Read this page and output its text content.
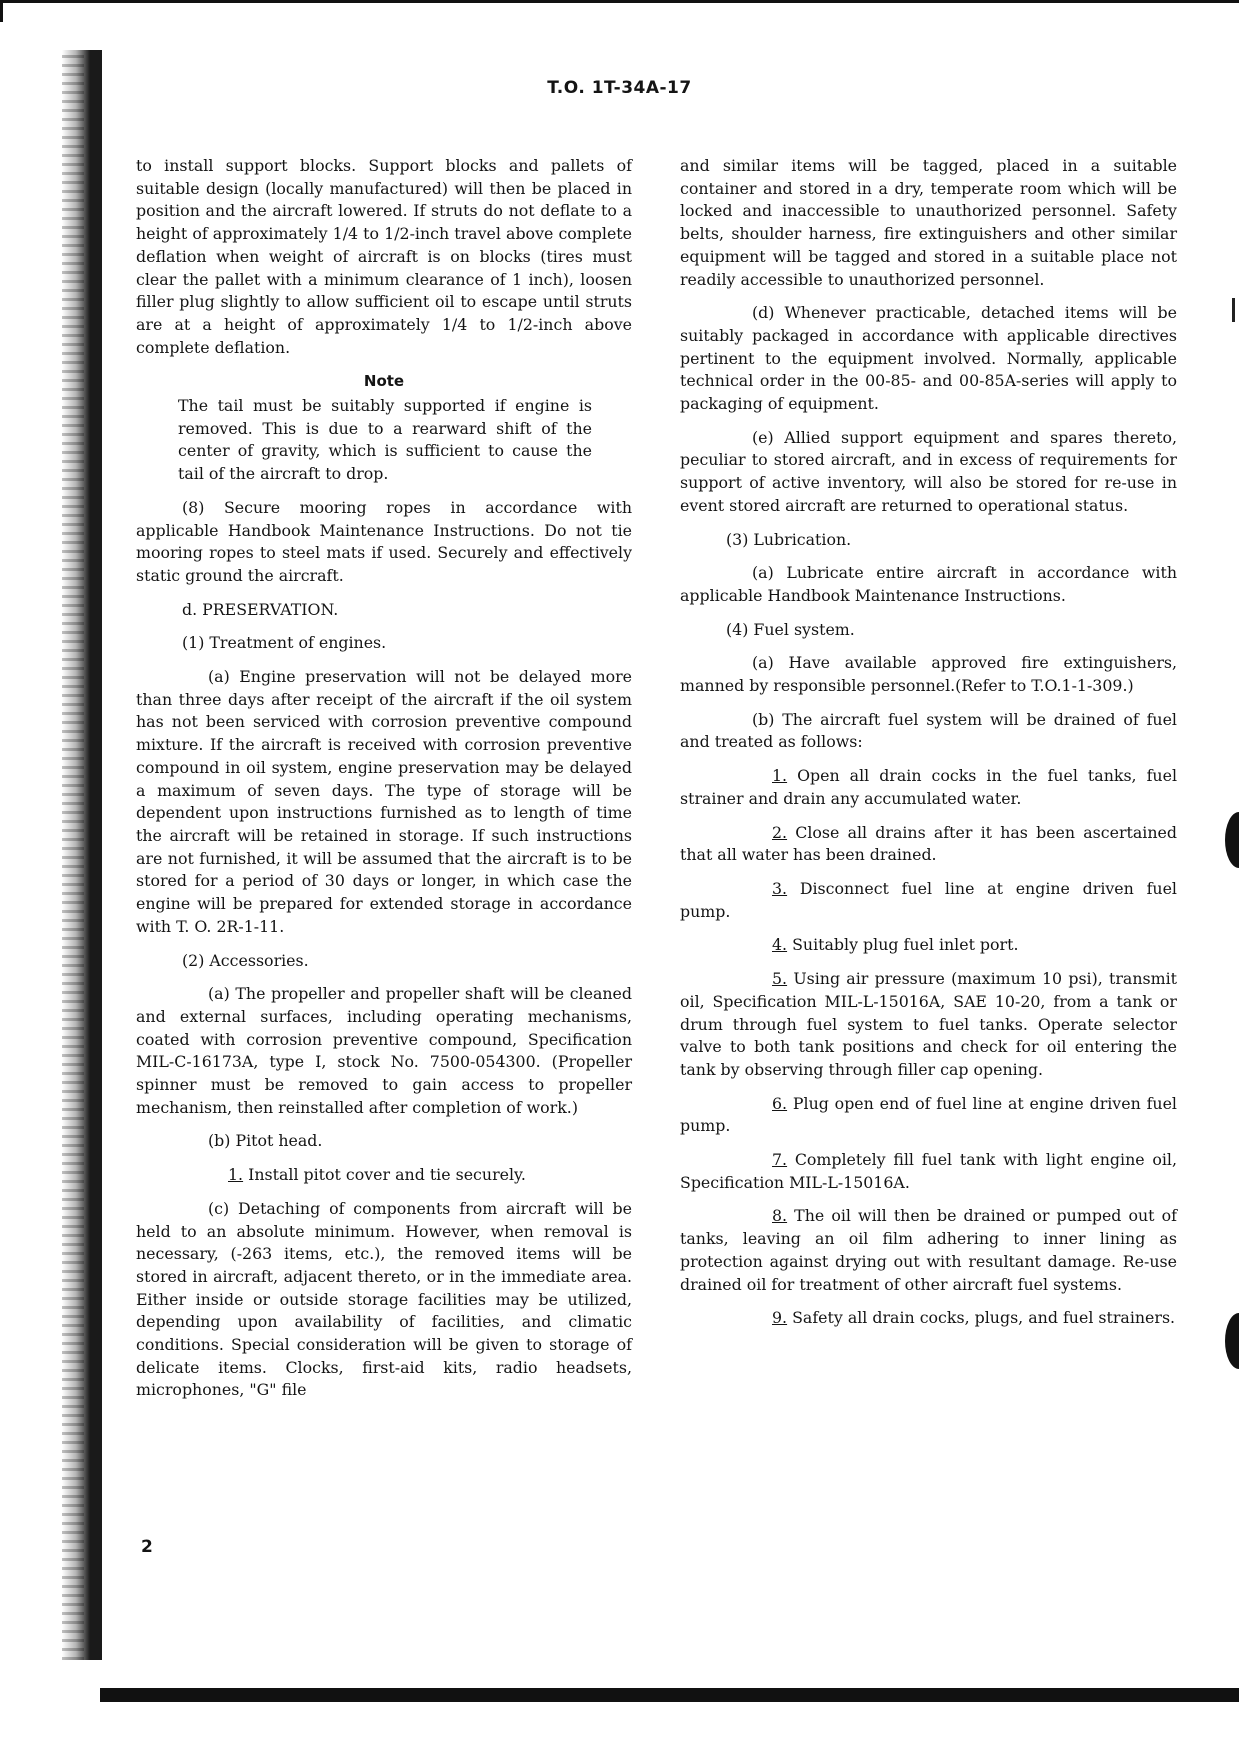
T.O. 1T-34A-17

to install support blocks. Support blocks and pallets of suitable design (locally manufactured) will then be placed in position and the aircraft lowered. If struts do not deflate to a height of approximately 1/4 to 1/2-inch travel above complete deflation when weight of aircraft is on blocks (tires must clear the pallet with a minimum clearance of 1 inch), loosen filler plug slightly to allow sufficient oil to escape until struts are at a height of approximately 1/4 to 1/2-inch above complete deflation.

Note

The tail must be suitably supported if engine is removed. This is due to a rearward shift of the center of gravity, which is sufficient to cause the tail of the aircraft to drop.

(8) Secure mooring ropes in accordance with applicable Handbook Maintenance Instructions. Do not tie mooring ropes to steel mats if used. Securely and effectively static ground the aircraft.

d. PRESERVATION.

(1) Treatment of engines.

(a) Engine preservation will not be delayed more than three days after receipt of the aircraft if the oil system has not been serviced with corrosion preventive compound mixture. If the aircraft is received with corrosion preventive compound in oil system, engine preservation may be delayed a maximum of seven days. The type of storage will be dependent upon instructions furnished as to length of time the aircraft will be retained in storage. If such instructions are not furnished, it will be assumed that the aircraft is to be stored for a period of 30 days or longer, in which case the engine will be prepared for extended storage in accordance with T. O. 2R-1-11.

(2) Accessories.

(a) The propeller and propeller shaft will be cleaned and external surfaces, including operating mechanisms, coated with corrosion preventive compound, Specification MIL-C-16173A, type I, stock No. 7500-054300. (Propeller spinner must be removed to gain access to propeller mechanism, then reinstalled after completion of work.)

(b) Pitot head.

1. Install pitot cover and tie securely.

(c) Detaching of components from aircraft will be held to an absolute minimum. However, when removal is necessary, (-263 items, etc.), the removed items will be stored in aircraft, adjacent thereto, or in the immediate area. Either inside or outside storage facilities may be utilized, depending upon availability of facilities, and climatic conditions. Special consideration will be given to storage of delicate items. Clocks, first-aid kits, radio headsets, microphones, "G" file

and similar items will be tagged, placed in a suitable container and stored in a dry, temperate room which will be locked and inaccessible to unauthorized personnel. Safety belts, shoulder harness, fire extinguishers and other similar equipment will be tagged and stored in a suitable place not readily accessible to unauthorized personnel.

(d) Whenever practicable, detached items will be suitably packaged in accordance with applicable directives pertinent to the equipment involved. Normally, applicable technical order in the 00-85- and 00-85A-series will apply to packaging of equipment.

(e) Allied support equipment and spares thereto, peculiar to stored aircraft, and in excess of requirements for support of active inventory, will also be stored for re-use in event stored aircraft are returned to operational status.

(3) Lubrication.

(a) Lubricate entire aircraft in accordance with applicable Handbook Maintenance Instructions.

(4) Fuel system.

(a) Have available approved fire extinguishers, manned by responsible personnel.(Refer to T.O.1-1-309.)

(b) The aircraft fuel system will be drained of fuel and treated as follows:

1. Open all drain cocks in the fuel tanks, fuel strainer and drain any accumulated water.

2. Close all drains after it has been ascertained that all water has been drained.

3. Disconnect fuel line at engine driven fuel pump.

4. Suitably plug fuel inlet port.

5. Using air pressure (maximum 10 psi), transmit oil, Specification MIL-L-15016A, SAE 10-20, from a tank or drum through fuel system to fuel tanks. Operate selector valve to both tank positions and check for oil entering the tank by observing through filler cap opening.

6. Plug open end of fuel line at engine driven fuel pump.

7. Completely fill fuel tank with light engine oil, Specification MIL-L-15016A.

8. The oil will then be drained or pumped out of tanks, leaving an oil film adhering to inner lining as protection against drying out with resultant damage. Re-use drained oil for treatment of other aircraft fuel systems.

9. Safety all drain cocks, plugs, and fuel strainers.

2
